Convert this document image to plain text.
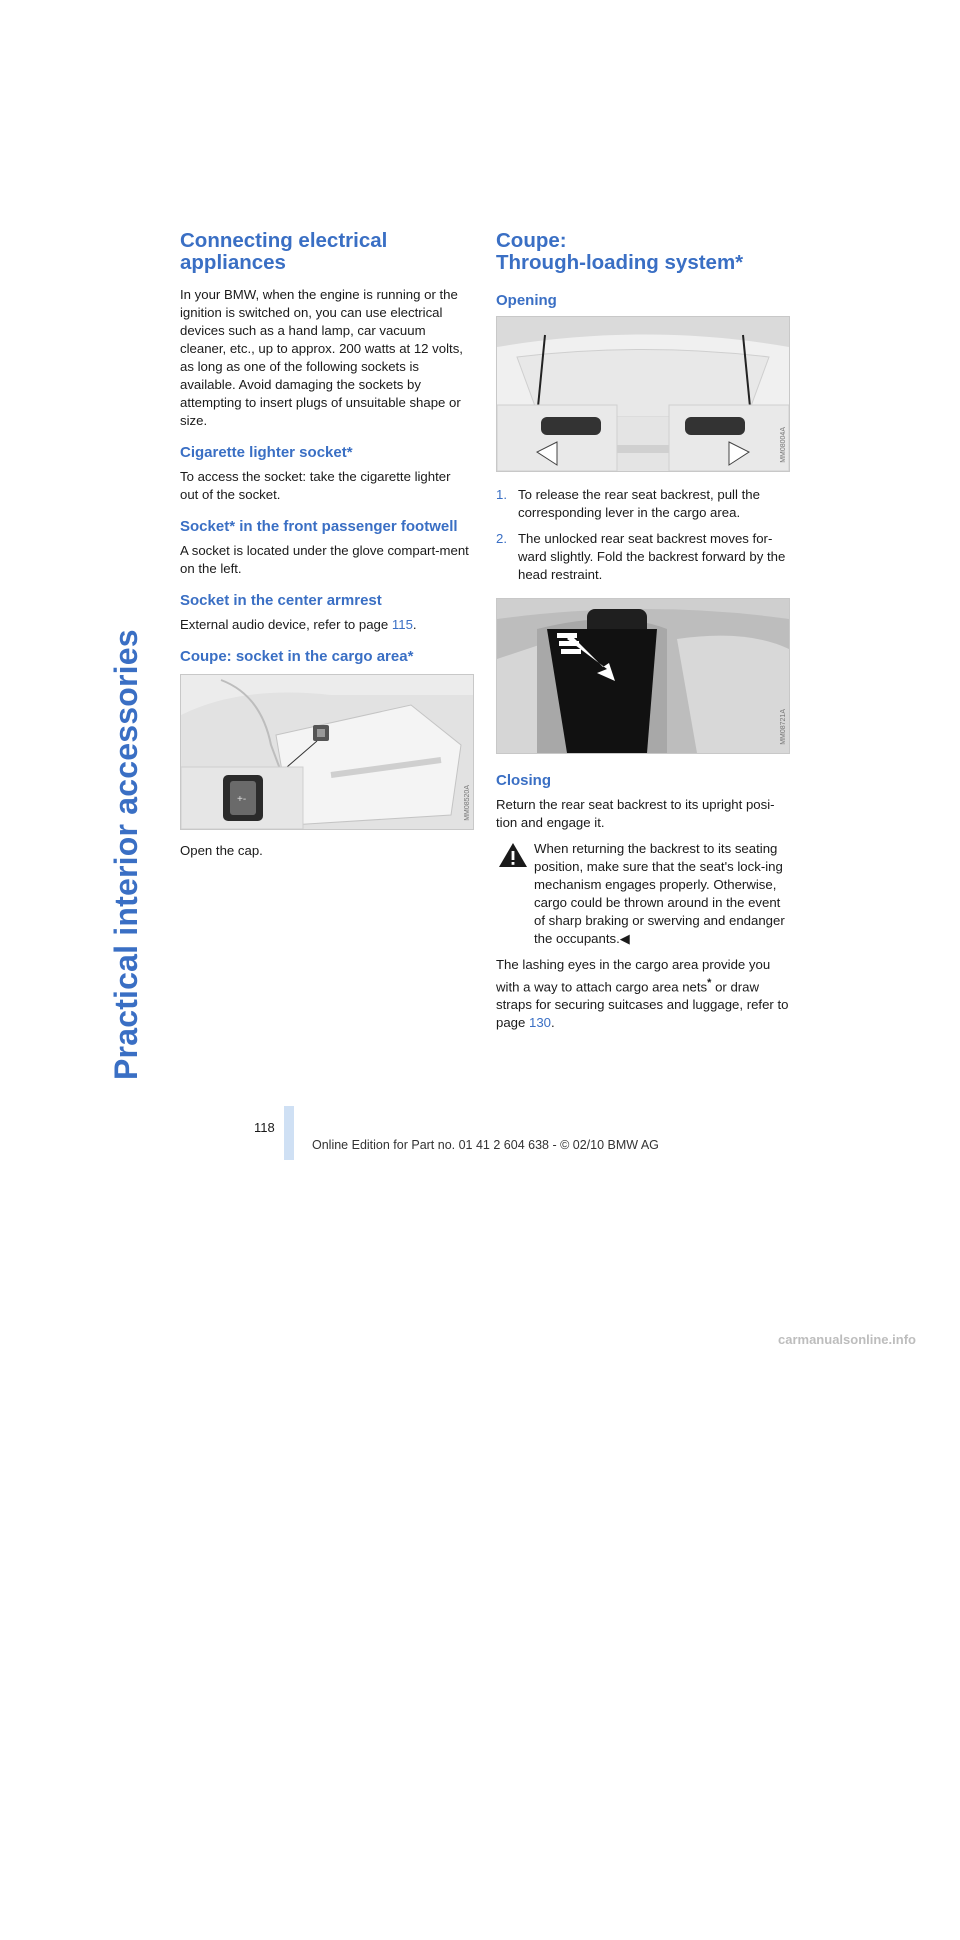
Practical interior accessories
Connecting electrical appliances

In your BMW, when the engine is running or the ignition is switched on, you can use electrical devices such as a hand lamp, car vacuum cleaner, etc., up to approx. 200 watts at 12 volts, as long as one of the following sockets is available. Avoid damaging the sockets by attempting to insert plugs of unsuitable shape or size.

Cigarette lighter socket*

To access the socket: take the cigarette lighter out of the socket.

Socket* in the front passenger footwell

A socket is located under the glove compart-ment on the left.

Socket in the center armrest

External audio device, refer to page 115.

Coupe: socket in the cargo area*
+-	MM08520A

Open the cap.

Coupe:
Through-loading system*
Opening
MM08004A
1. To release the rear seat backrest, pull the corresponding lever in the cargo area.
2. The unlocked rear seat backrest moves for-ward slightly. Fold the backrest forward by the head restraint.
MM08721A
Closing

Return the rear seat backrest to its upright posi-tion and engage it.

When returning the backrest to its seating position, make sure that the seat's lock-ing mechanism engages properly. Otherwise, cargo could be thrown around in the event of sharp braking or swerving and endanger the occupants.◀

The lashing eyes in the cargo area provide you with a way to attach cargo area nets* or draw straps for securing suitcases and luggage, refer to page 130.

118
Online Edition for Part no. 01 41 2 604 638 - © 02/10 BMW AG
carmanualsonline.info
